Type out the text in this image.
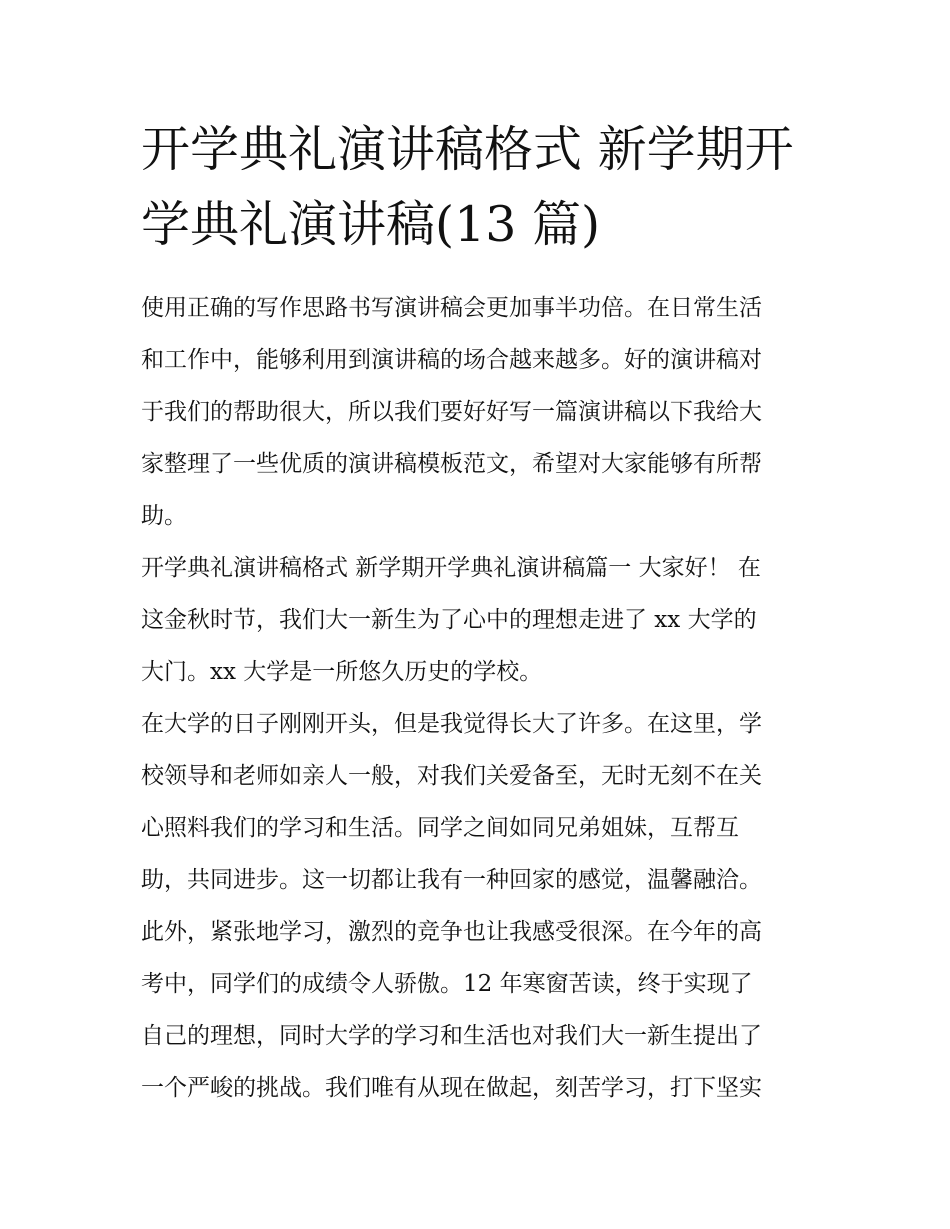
开学典礼演讲稿格式 新学期开
学典礼演讲稿(13 篇)
使用正确的写作思路书写演讲稿会更加事半功倍。在日常生活
和工作中，能够利用到演讲稿的场合越来越多。好的演讲稿对
于我们的帮助很大，所以我们要好好写一篇演讲稿以下我给大
家整理了一些优质的演讲稿模板范文，希望对大家能够有所帮
助。
开学典礼演讲稿格式 新学期开学典礼演讲稿篇一 大家好！ 在
这金秋时节，我们大一新生为了心中的理想走进了 xx 大学的
大门。xx 大学是一所悠久历史的学校。
在大学的日子刚刚开头，但是我觉得长大了许多。在这里，学
校领导和老师如亲人一般，对我们关爱备至，无时无刻不在关
心照料我们的学习和生活。同学之间如同兄弟姐妹，互帮互
助，共同进步。这一切都让我有一种回家的感觉，温馨融洽。
此外，紧张地学习，激烈的竞争也让我感受很深。在今年的高
考中，同学们的成绩令人骄傲。12 年寒窗苦读，终于实现了
自己的理想，同时大学的学习和生活也对我们大一新生提出了
一个严峻的挑战。我们唯有从现在做起，刻苦学习，打下坚实
